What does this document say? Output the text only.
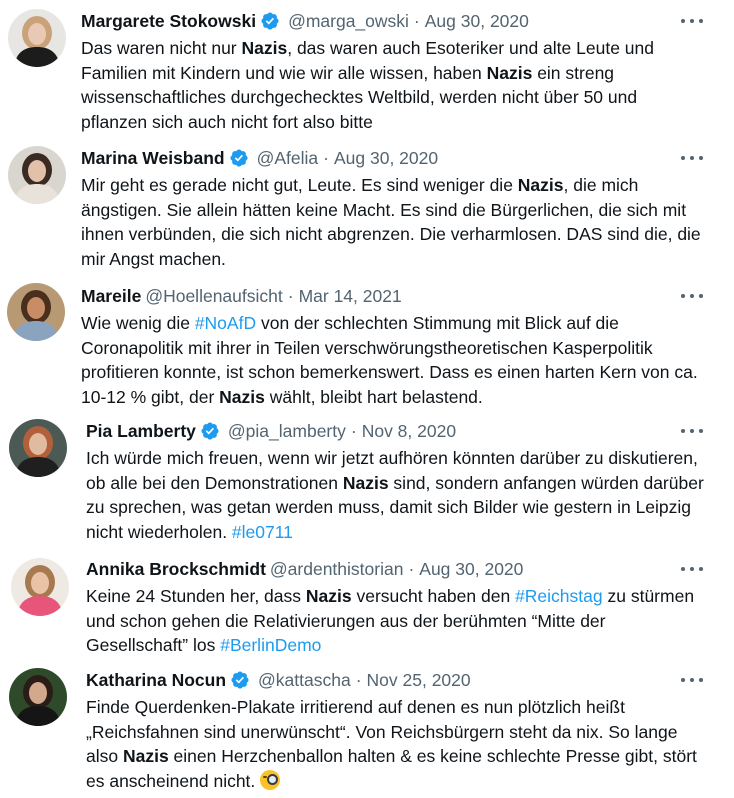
Margarete Stokowski @marga_owski · Aug 30, 2020
Das waren nicht nur Nazis, das waren auch Esoteriker und alte Leute und Familien mit Kindern und wie wir alle wissen, haben Nazis ein streng wissenschaftliches durchgechecktes Weltbild, werden nicht über 50 und pflanzen sich auch nicht fort also bitte
Marina Weisband @Afelia · Aug 30, 2020
Mir geht es gerade nicht gut, Leute. Es sind weniger die Nazis, die mich ängstigen. Sie allein hätten keine Macht. Es sind die Bürgerlichen, die sich mit ihnen verbünden, die sich nicht abgrenzen. Die verharmlosen. DAS sind die, die mir Angst machen.
Mareile @Hoellenaufsicht · Mar 14, 2021
Wie wenig die #NoAfD von der schlechten Stimmung mit Blick auf die Coronapolitik mit ihrer in Teilen verschwörungstheoretischen Kasperpolitik profitieren konnte, ist schon bemerkenswert. Dass es einen harten Kern von ca. 10-12 % gibt, der Nazis wählt, bleibt hart belastend.
Pia Lamberty @pia_lamberty · Nov 8, 2020
Ich würde mich freuen, wenn wir jetzt aufhören könnten darüber zu diskutieren, ob alle bei den Demonstrationen Nazis sind, sondern anfangen würden darüber zu sprechen, was getan werden muss, damit sich Bilder wie gestern in Leipzig nicht wiederholen. #le0711
Annika Brockschmidt @ardenthistorian · Aug 30, 2020
Keine 24 Stunden her, dass Nazis versucht haben den #Reichstag zu stürmen und schon gehen die Relativierungen aus der berühmten “Mitte der Gesellschaft” los #BerlinDemo
Katharina Nocun @kattascha · Nov 25, 2020
Finde Querdenken-Plakate irritierend auf denen es nun plötzlich heißt „Reichsfahnen sind unerwünscht“. Von Reichsbürgern steht da nix. So lange also Nazis einen Herzchenballon halten & es keine schlechte Presse gibt, stört es anscheinend nicht.
